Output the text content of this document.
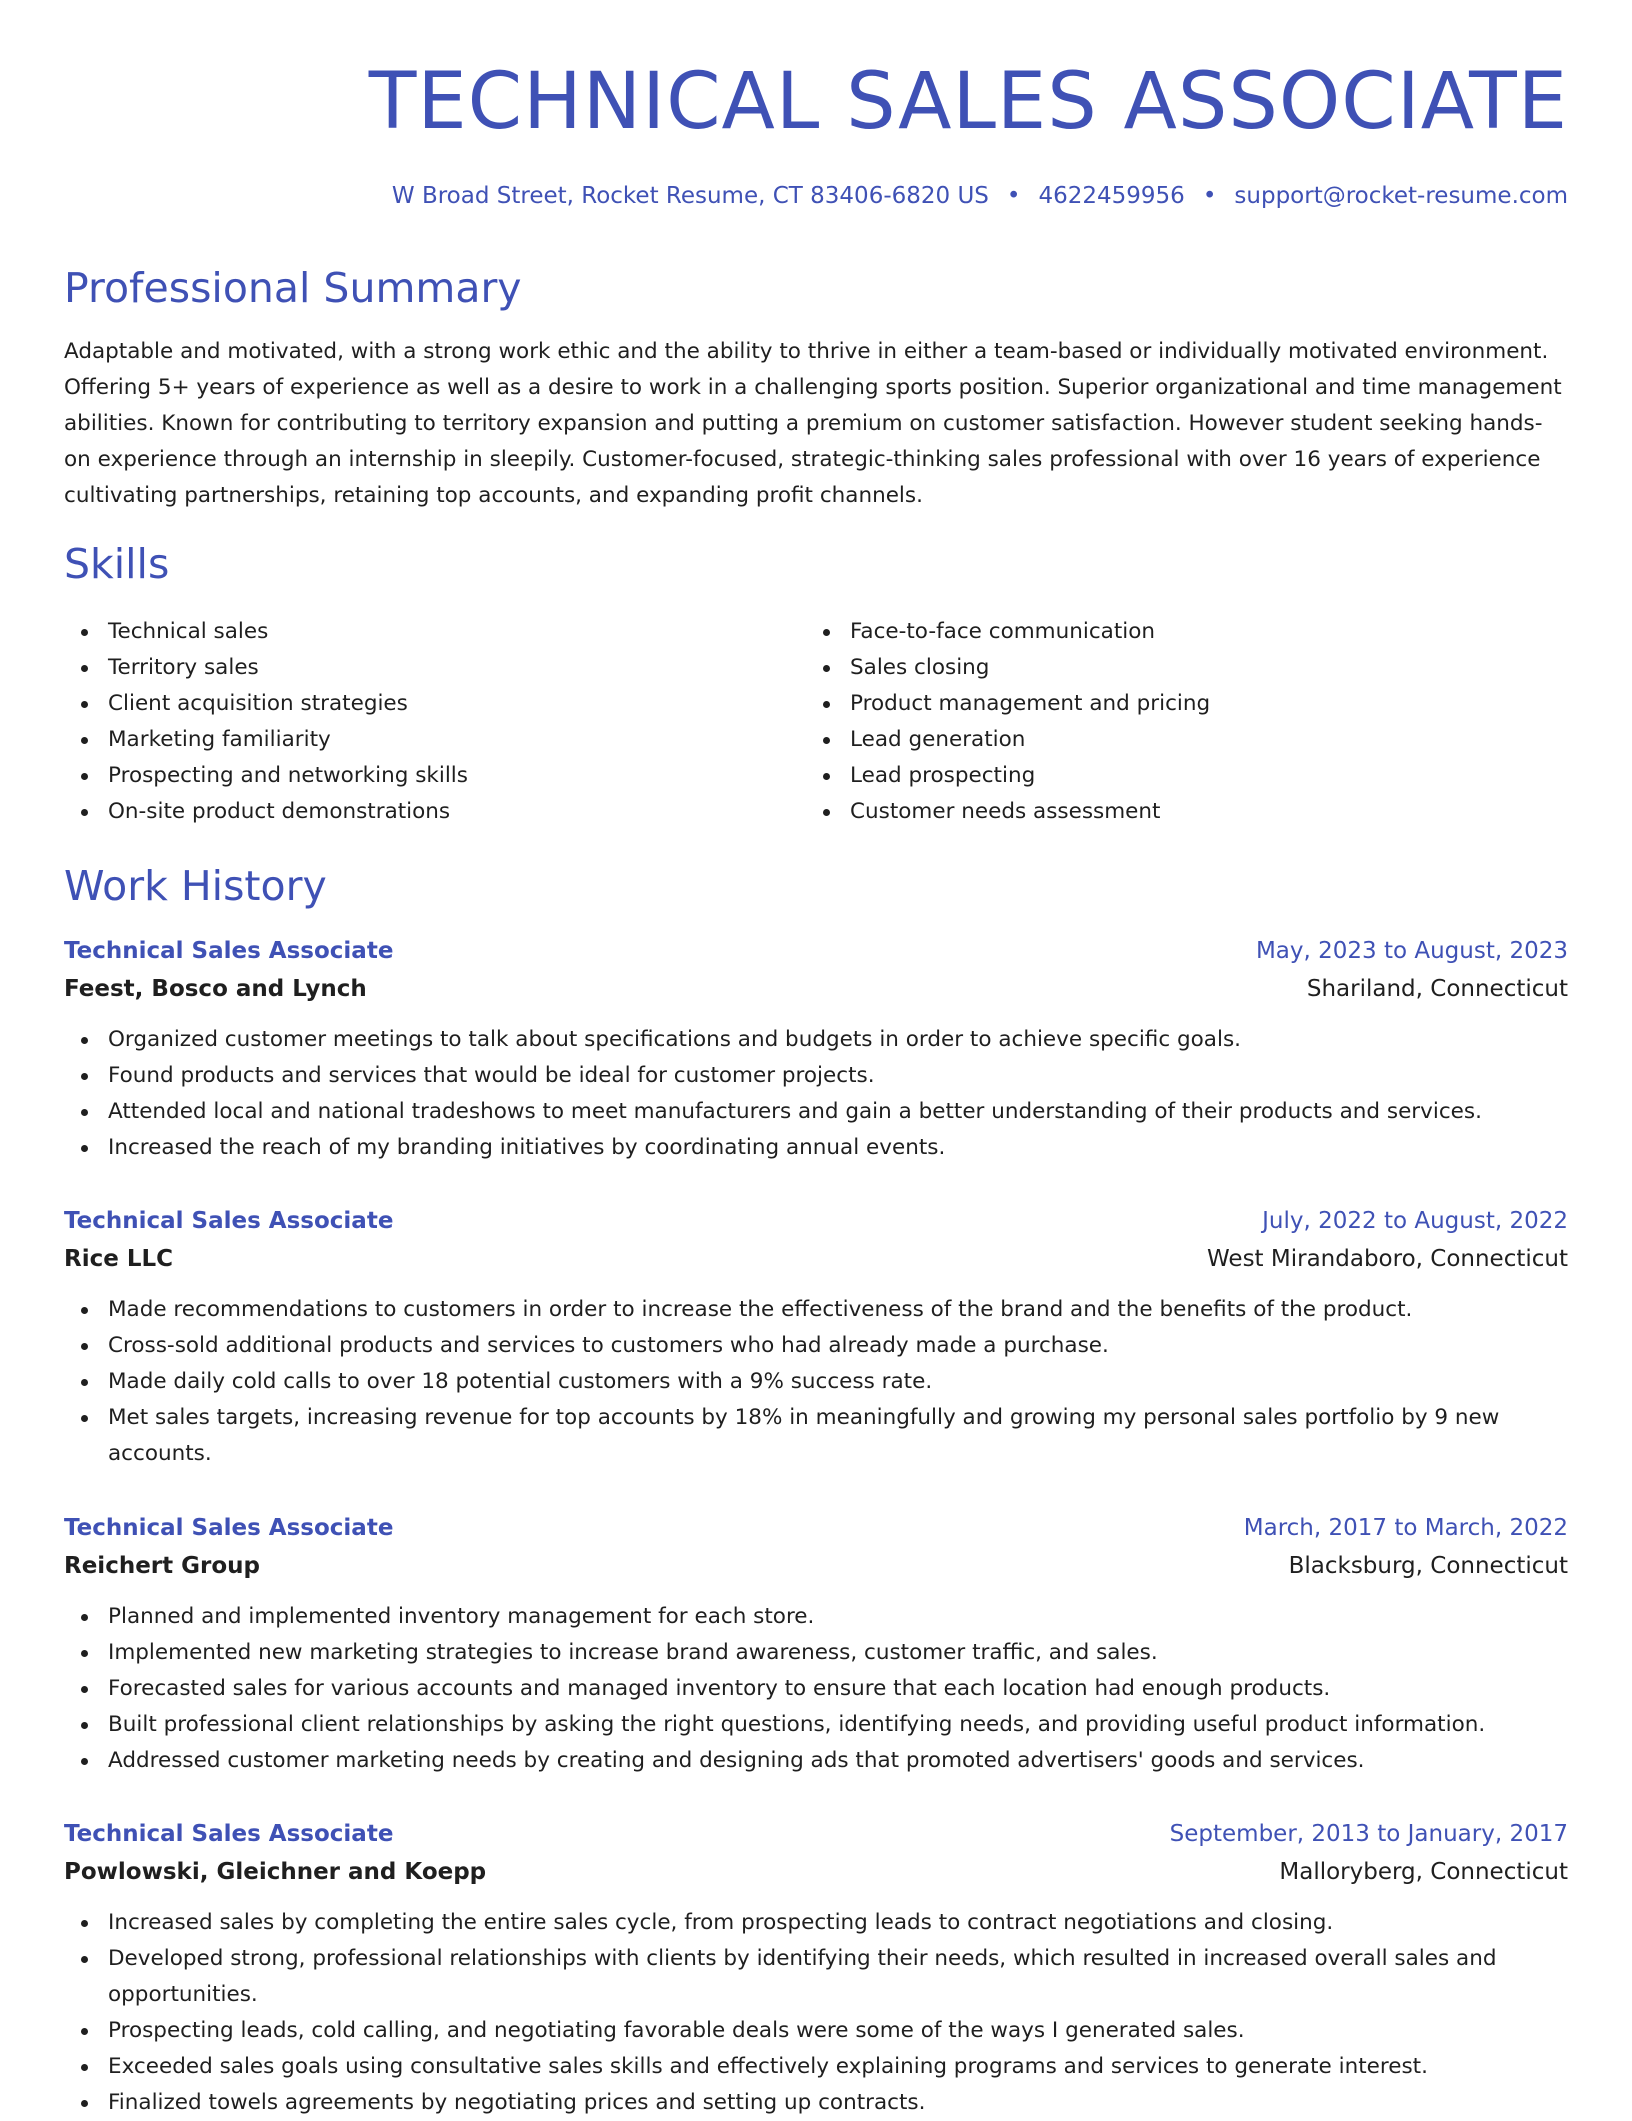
TECHNICAL SALES ASSOCIATE
W Broad Street, Rocket Resume, CT 83406-6820 US • 4622459956 • support@rocket-resume.com
Professional Summary

Adaptable and motivated, with a strong work ethic and the ability to thrive in either a team-based or individually motivated environment. Offering 5+ years of experience as well as a desire to work in a challenging sports position. Superior organizational and time management abilities. Known for contributing to territory expansion and putting a premium on customer satisfaction. However student seeking hands-on experience through an internship in sleepily. Customer-focused, strategic-thinking sales professional with over 16 years of experience cultivating partnerships, retaining top accounts, and expanding profit channels.

Skills
Technical sales
Territory sales
Client acquisition strategies
Marketing familiarity
Prospecting and networking skills
On-site product demonstrations
Face-to-face communication
Sales closing
Product management and pricing
Lead generation
Lead prospecting
Customer needs assessment
Work History
Technical Sales Associate	May, 2023 to August, 2023
Feest, Bosco and Lynch	Shariland, Connecticut
Organized customer meetings to talk about specifications and budgets in order to achieve specific goals.
Found products and services that would be ideal for customer projects.
Attended local and national tradeshows to meet manufacturers and gain a better understanding of their products and services.
Increased the reach of my branding initiatives by coordinating annual events.
Technical Sales Associate	July, 2022 to August, 2022
Rice LLC	West Mirandaboro, Connecticut
Made recommendations to customers in order to increase the effectiveness of the brand and the benefits of the product.
Cross-sold additional products and services to customers who had already made a purchase.
Made daily cold calls to over 18 potential customers with a 9% success rate.
Met sales targets, increasing revenue for top accounts by 18% in meaningfully and growing my personal sales portfolio by 9 new accounts.
Technical Sales Associate	March, 2017 to March, 2022
Reichert Group	Blacksburg, Connecticut
Planned and implemented inventory management for each store.
Implemented new marketing strategies to increase brand awareness, customer traffic, and sales.
Forecasted sales for various accounts and managed inventory to ensure that each location had enough products.
Built professional client relationships by asking the right questions, identifying needs, and providing useful product information.
Addressed customer marketing needs by creating and designing ads that promoted advertisers' goods and services.
Technical Sales Associate	September, 2013 to January, 2017
Powlowski, Gleichner and Koepp	Malloryberg, Connecticut
Increased sales by completing the entire sales cycle, from prospecting leads to contract negotiations and closing.
Developed strong, professional relationships with clients by identifying their needs, which resulted in increased overall sales and opportunities.
Prospecting leads, cold calling, and negotiating favorable deals were some of the ways I generated sales.
Exceeded sales goals using consultative sales skills and effectively explaining programs and services to generate interest.
Finalized towels agreements by negotiating prices and setting up contracts.
